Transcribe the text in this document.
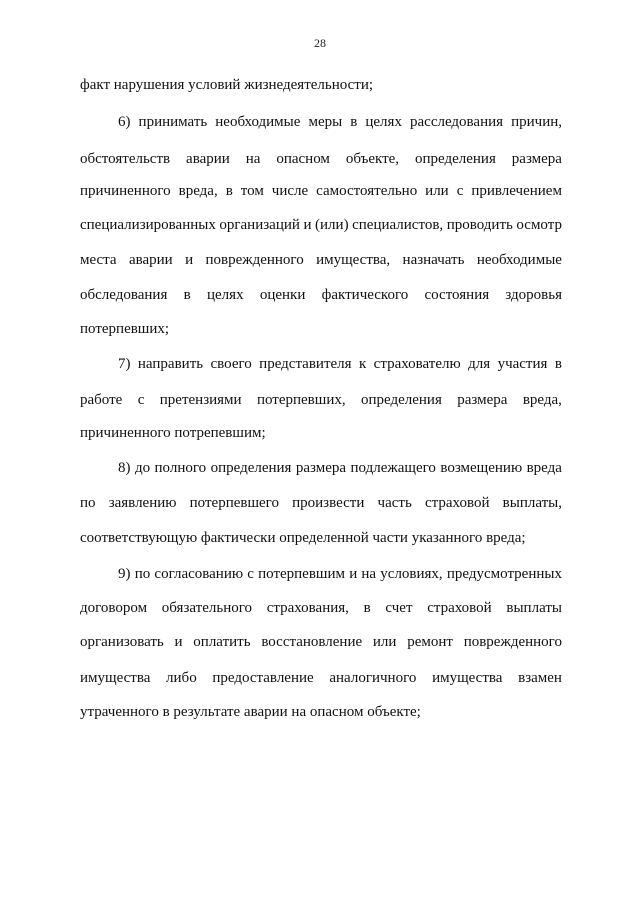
28
факт нарушения условий жизнедеятельности;
6) принимать необходимые меры в целях расследования причин,
обстоятельств аварии на опасном объекте, определения размера
причиненного вреда, в том числе самостоятельно или с привлечением
специализированных организаций и (или) специалистов, проводить осмотр
места аварии и поврежденного имущества, назначать необходимые
обследования в целях оценки фактического состояния здоровья
потерпевших;
7) направить своего представителя к страхователю для участия в
работе с претензиями потерпевших, определения размера вреда,
причиненного потрепевшим;
8) до полного определения размера подлежащего возмещению вреда
по заявлению потерпевшего произвести часть страховой выплаты,
соответствующую фактически определенной части указанного вреда;
9) по согласованию с потерпевшим и на условиях, предусмотренных
договором обязательного страхования, в счет страховой выплаты
организовать и оплатить восстановление или ремонт поврежденного
имущества либо предоставление аналогичного имущества взамен
утраченного в результате аварии на опасном объекте;
